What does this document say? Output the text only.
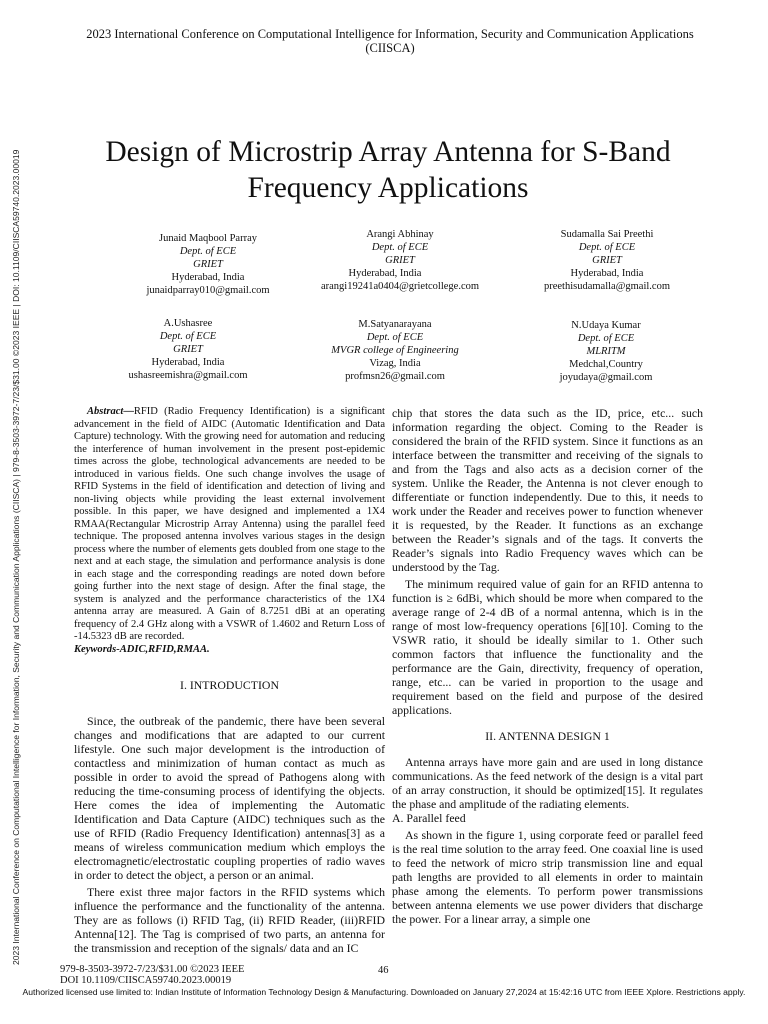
2023 International Conference on Computational Intelligence for Information, Security and Communication Applications (CIISCA) | 979-8-3503-3972-7/23/$31.00 ©2023 IEEE | DOI: 10.1109/CIISCA59740.2023.00019
2023 International Conference on Computational Intelligence for Information, Security and Communication Applications
(CIISCA)
Design of Microstrip Array Antenna for S-Band
Frequency Applications
Junaid Maqbool Parray
Dept. of ECE
GRIET
Hyderabad, India
junaidparray010@gmail.com
Arangi Abhinay
Dept. of ECE
GRIET
Hyderabad, India
arangi19241a0404@grietcollege.com
Sudamalla Sai Preethi
Dept. of ECE
GRIET
Hyderabad, India
preethisudamalla@gmail.com
A.Ushasree
Dept. of ECE
GRIET
Hyderabad, India
ushasreemishra@gmail.com
M.Satyanarayana
Dept. of ECE
MVGR college of Engineering
Vizag, India
profmsn26@gmail.com
N.Udaya Kumar
Dept. of ECE
MLRITM
Medchal,Country
joyudaya@gmail.com

Abstract—RFID (Radio Frequency Identification) is a significant advancement in the field of AIDC (Automatic Identification and Data Capture) technology. With the growing need for automation and reducing the interference of human involvement in the present post-epidemic times across the globe, technological advancements are needed to be introduced in various fields. One such change involves the usage of RFID Systems in the field of identification and detection of living and non-living objects while providing the least external involvement possible. In this paper, we have designed and implemented a 1X4 RMAA(Rectangular Microstrip Array Antenna) using the parallel feed technique. The proposed antenna involves various stages in the design process where the number of elements gets doubled from one stage to the next and at each stage, the simulation and performance analysis is done in each stage and the corresponding readings are noted down before going further into the next stage of design. After the final stage, the system is analyzed and the performance characteristics of the 1X4 antenna array are measured. A Gain of 8.7251 dBi at an operating frequency of 2.4 GHz along with a VSWR of 1.4602 and Return Loss of -14.5323 dB are recorded.

Keywords-ADIC,RFID,RMAA.

I. INTRODUCTION

Since, the outbreak of the pandemic, there have been several changes and modifications that are adapted to our current lifestyle. One such major development is the introduction of contactless and minimization of human contact as much as possible in order to avoid the spread of Pathogens along with reducing the time-consuming process of identifying the objects. Here comes the idea of implementing the Automatic Identification and Data Capture (AIDC) techniques such as the use of RFID (Radio Frequency Identification) antennas[3] as a means of wireless communication medium which employs the electromagnetic/electrostatic coupling properties of radio waves in order to detect the object, a person or an animal.

There exist three major factors in the RFID systems which influence the performance and the functionality of the antenna. They are as follows (i) RFID Tag, (ii) RFID Reader, (iii)RFID Antenna[12]. The Tag is comprised of two parts, an antenna for the transmission and reception of the signals/ data and an IC

chip that stores the data such as the ID, price, etc... such information regarding the object. Coming to the Reader is considered the brain of the RFID system. Since it functions as an interface between the transmitter and receiving of the signals to and from the Tags and also acts as a decision corner of the system. Unlike the Reader, the Antenna is not clever enough to differentiate or function independently. Due to this, it needs to work under the Reader and receives power to function whenever it is requested, by the Reader. It functions as an exchange between the Reader’s signals and of the tags. It converts the Reader’s signals into Radio Frequency waves which can be understood by the Tag.

The minimum required value of gain for an RFID antenna to function is ≥ 6dBi, which should be more when compared to the average range of 2-4 dB of a normal antenna, which is in the range of most low-frequency operations [6][10]. Coming to the VSWR ratio, it should be ideally similar to 1. Other such common factors that influence the functionality and the performance are the Gain, directivity, frequency of operation, range, etc... can be varied in proportion to the usage and requirement based on the field and purpose of the desired applications.

II. ANTENNA DESIGN 1

Antenna arrays have more gain and are used in long distance communications. As the feed network of the design is a vital part of an array construction, it should be optimized[15]. It regulates the phase and amplitude of the radiating elements.

A. Parallel feed

As shown in the figure 1, using corporate feed or parallel feed is the real time solution to the array feed. One coaxial line is used to feed the network of micro strip transmission line and equal path lengths are provided to all elements in order to maintain phase among the elements. To perform power transmissions between antenna elements we use power dividers that discharge the power. For a linear array, a simple one

979-8-3503-3972-7/23/$31.00 ©2023 IEEE
DOI 10.1109/CIISCA59740.2023.00019
46
Authorized licensed use limited to: Indian Institute of Information Technology Design & Manufacturing. Downloaded on January 27,2024 at 15:42:16 UTC from IEEE Xplore. Restrictions apply.
